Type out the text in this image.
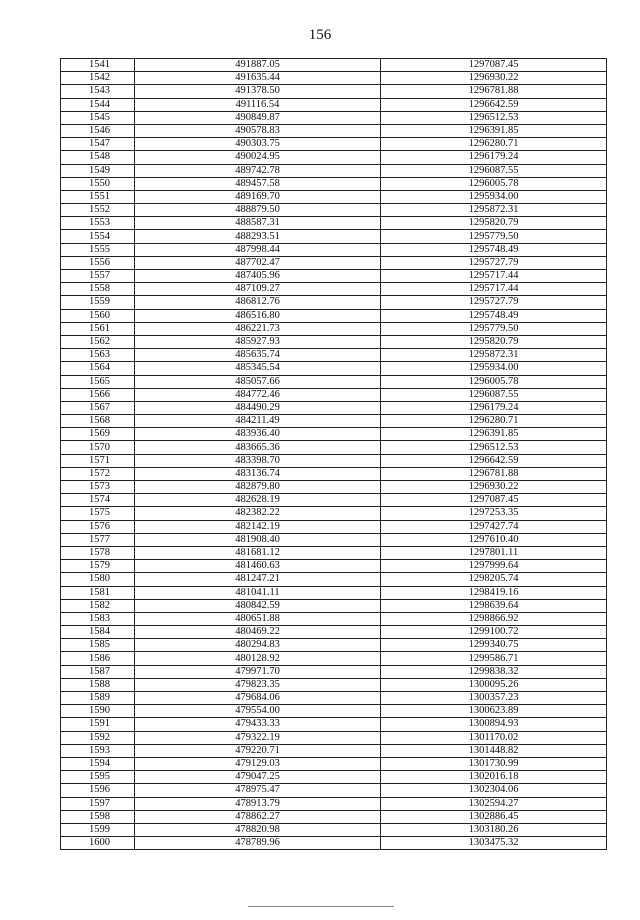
156
1541	491887.05	1297087.45
1542	491635.44	1296930.22
1543	491378.50	1296781.88
1544	491116.54	1296642.59
1545	490849.87	1296512.53
1546	490578.83	1296391.85
1547	490303.75	1296280.71
1548	490024.95	1296179.24
1549	489742.78	1296087.55
1550	489457.58	1296005.78
1551	489169.70	1295934.00
1552	488879.50	1295872.31
1553	488587.31	1295820.79
1554	488293.51	1295779.50
1555	487998.44	1295748.49
1556	487702.47	1295727.79
1557	487405.96	1295717.44
1558	487109.27	1295717.44
1559	486812.76	1295727.79
1560	486516.80	1295748.49
1561	486221.73	1295779.50
1562	485927.93	1295820.79
1563	485635.74	1295872.31
1564	485345.54	1295934.00
1565	485057.66	1296005.78
1566	484772.46	1296087.55
1567	484490.29	1296179.24
1568	484211.49	1296280.71
1569	483936.40	1296391.85
1570	483665.36	1296512.53
1571	483398.70	1296642.59
1572	483136.74	1296781.88
1573	482879.80	1296930.22
1574	482628.19	1297087.45
1575	482382.22	1297253.35
1576	482142.19	1297427.74
1577	481908.40	1297610.40
1578	481681.12	1297801.11
1579	481460.63	1297999.64
1580	481247.21	1298205.74
1581	481041.11	1298419.16
1582	480842.59	1298639.64
1583	480651.88	1298866.92
1584	480469.22	1299100.72
1585	480294.83	1299340.75
1586	480128.92	1299586.71
1587	479971.70	1299838.32
1588	479823.35	1300095.26
1589	479684.06	1300357.23
1590	479554.00	1300623.89
1591	479433.33	1300894.93
1592	479322.19	1301170.02
1593	479220.71	1301448.82
1594	479129.03	1301730.99
1595	479047.25	1302016.18
1596	478975.47	1302304.06
1597	478913.79	1302594.27
1598	478862.27	1302886.45
1599	478820.98	1303180.26
1600	478789.96	1303475.32
